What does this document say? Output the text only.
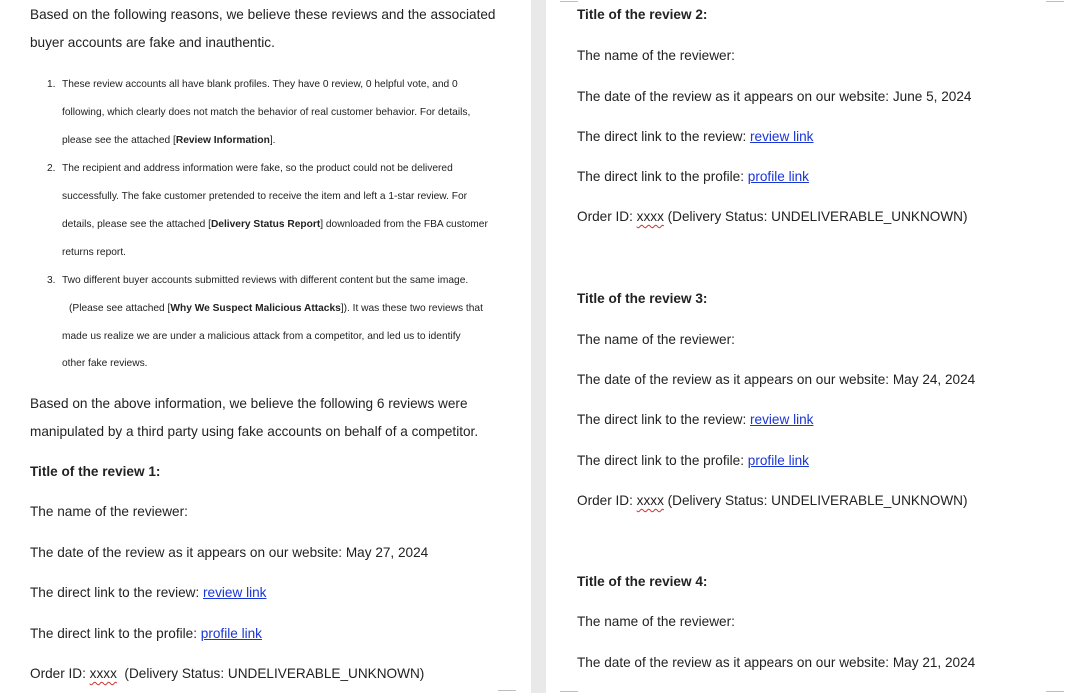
Based on the following reasons, we believe these reviews and the associated
buyer accounts are fake and inauthentic.
1. These review accounts all have blank profiles. They have 0 review, 0 helpful vote, and 0
following, which clearly does not match the behavior of real customer behavior. For details,
please see the attached [Review Information].
2. The recipient and address information were fake, so the product could not be delivered
successfully. The fake customer pretended to receive the item and left a 1-star review. For
details, please see the attached [Delivery Status Report] downloaded from the FBA customer
returns report.
3. Two different buyer accounts submitted reviews with different content but the same image.
(Please see attached [Why We Suspect Malicious Attacks]). It was these two reviews that
made us realize we are under a malicious attack from a competitor, and led us to identify
other fake reviews.
Based on the above information, we believe the following 6 reviews were
manipulated by a third party using fake accounts on behalf of a competitor.
Title of the review 1:
The name of the reviewer:
The date of the review as it appears on our website: May 27, 2024
The direct link to the review: review link
The direct link to the profile: profile link
Order ID: xxxx  (Delivery Status: UNDELIVERABLE_UNKNOWN)
Title of the review 2:
The name of the reviewer:
The date of the review as it appears on our website: June 5, 2024
The direct link to the review: review link
The direct link to the profile: profile link
Order ID: xxxx (Delivery Status: UNDELIVERABLE_UNKNOWN)
Title of the review 3:
The name of the reviewer:
The date of the review as it appears on our website: May 24, 2024
The direct link to the review: review link
The direct link to the profile: profile link
Order ID: xxxx (Delivery Status: UNDELIVERABLE_UNKNOWN)
Title of the review 4:
The name of the reviewer:
The date of the review as it appears on our website: May 21, 2024
